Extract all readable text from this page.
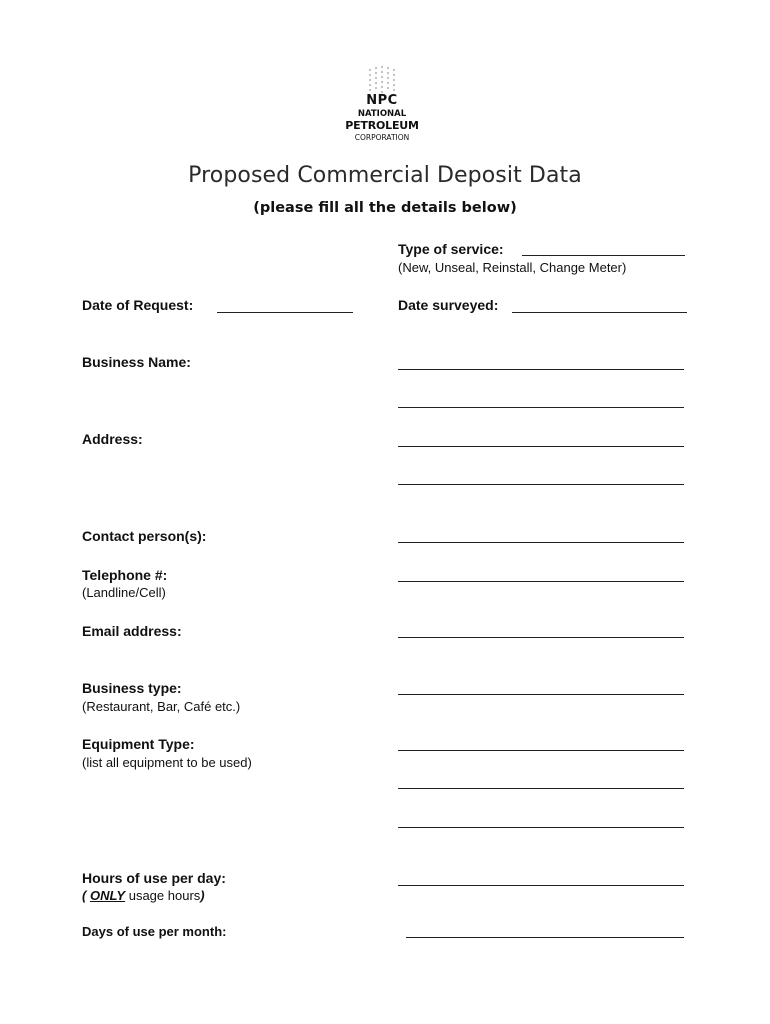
NPC
NATIONAL
PETROLEUM
CORPORATION
Proposed Commercial Deposit Data
(please fill all the details below)
Type of service:
(New, Unseal, Reinstall, Change Meter)
Date of Request:	Date surveyed:
Business Name:
Address:
Contact person(s):
Telephone #:
(Landline/Cell)
Email address:
Business type:
(Restaurant, Bar, Café etc.)
Equipment Type:
(list all equipment to be used)
Hours of use per day:
( ONLY usage hours)
Days of use per month:
